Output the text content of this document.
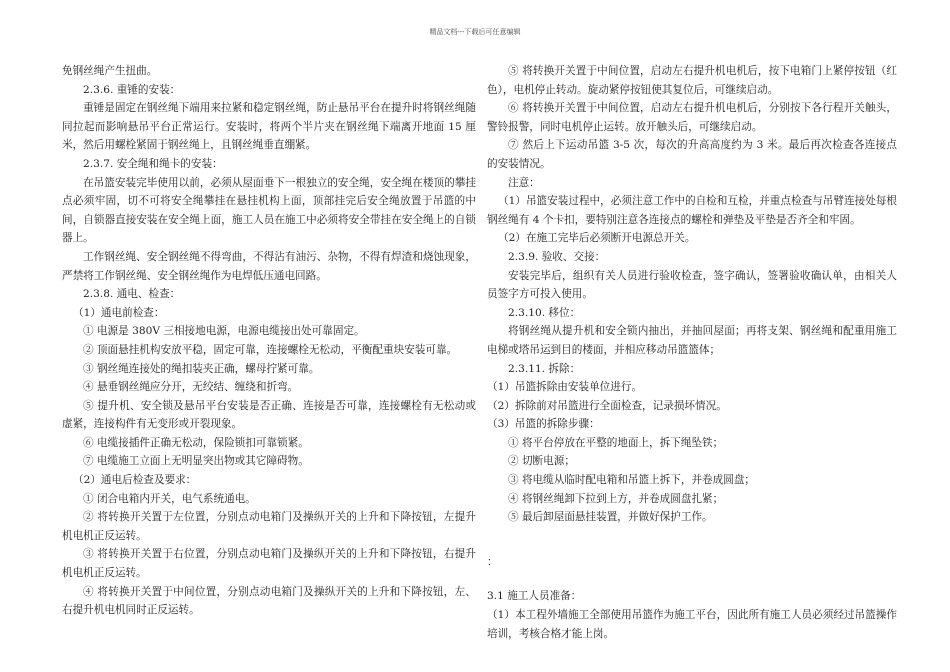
精品文档---下载后可任意编辑

免钢丝绳产生扭曲。

2.3.6. 重锤的安装：

重锤是固定在钢丝绳下端用来拉紧和稳定钢丝绳，防止悬吊平台在提升时将钢丝绳随同拉起而影响悬吊平台正常运行。安装时，将两个半片夹在钢丝绳下端离开地面 15 厘米，然后用螺栓紧固于钢丝绳上，且钢丝绳垂直绷紧。

2.3.7. 安全绳和绳卡的安装：

在吊篮安装完毕使用以前，必须从屋面垂下一根独立的安全绳，安全绳在楼顶的攀挂点必须牢固，切不可将安全绳攀挂在悬挂机构上面，顶部挂完后安全绳放置于吊篮的中间，自锁器直接安装在安全绳上面，施工人员在施工中必须将安全带挂在安全绳上的自锁器上。

工作钢丝绳、安全钢丝绳不得弯曲，不得沾有油污、杂物，不得有焊渣和烧蚀现象，严禁将工作钢丝绳、安全钢丝绳作为电焊低压通电回路。

2.3.8. 通电、检查：

（1）通电前检查：

① 电源是 380V 三相接地电源，电源电缆接出处可靠固定。

② 顶面悬挂机构安放平稳，固定可靠，连接螺栓无松动，平衡配重块安装可靠。

③ 钢丝绳连接处的绳扣装夹正确，螺母拧紧可靠。

④ 悬垂钢丝绳应分开，无绞结、缠绕和折弯。

⑤ 提升机、安全锁及悬吊平台安装是否正确、连接是否可靠，连接螺栓有无松动或虚紧，连接构件有无变形或开裂现象。

⑥ 电缆接插件正确无松动，保险锁扣可靠锁紧。

⑦ 电缆施工立面上无明显突出物或其它障碍物。

（2）通电后检查及要求：

① 闭合电箱内开关，电气系统通电。

② 将转换开关置于左位置，分别点动电箱门及操纵开关的上升和下降按钮，左提升机电机正反运转。

③ 将转换开关置于右位置，分别点动电箱门及操纵开关的上升和下降按钮，右提升机电机正反运转。

④ 将转换开关置于中间位置，分别点动电箱门及操纵开关的上升和下降按钮，左、右提升机电机同时正反运转。

⑤ 将转换开关置于中间位置，启动左右提升机电机后，按下电箱门上紧停按钮（红色），电机停止转动。旋动紧停按钮使其复位后，可继续启动。

⑥ 将转换开关置于中间位置，启动左右提升机电机后，分别按下各行程开关触头，警铃报警，同时电机停止运转。放开触头后，可继续启动。

⑦ 然后上下运动吊篮 3-5 次，每次的升高高度约为 3 米。最后再次检查各连接点的安装情况。

注意：

（1）吊篮安装过程中，必须注意工作中的自检和互检，并重点检查与吊臂连接处每根钢丝绳有 4 个卡扣，要特别注意各连接点的螺栓和弹垫及平垫是否齐全和牢固。

（2）在施工完毕后必须断开电源总开关。

2.3.9. 验收、交接：

安装完毕后，组织有关人员进行验收检查，签字确认，签署验收确认单，由相关人员签字方可投入使用。

2.3.10. 移位：

将钢丝绳从提升机和安全锁内抽出，并抽回屋面；再将支架、钢丝绳和配重用施工电梯或塔吊运到目的楼面，并相应移动吊篮篮体；

2.3.11. 拆除：

（1）吊篮拆除由安装单位进行。

（2）拆除前对吊篮进行全面检查，记录损坏情况。

（3）吊篮的拆除步骤：

① 将平台停放在平整的地面上，拆下绳坠铁；

② 切断电源；

③ 将电缆从临时配电箱和吊篮上拆下，并卷成圆盘；

④ 将钢丝绳卸下拉到上方，并卷成圆盘扎紧；

⑤ 最后卸屋面悬挂装置，并做好保护工作。

：

3.1 施工人员准备：

（1）本工程外墙施工全部使用吊篮作为施工平台，因此所有施工人员必须经过吊篮操作培训，考核合格才能上岗。
